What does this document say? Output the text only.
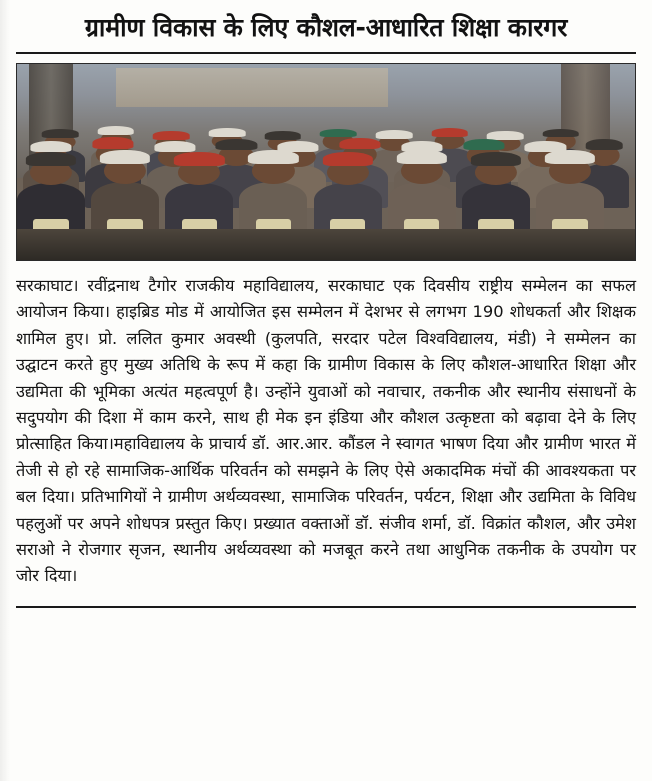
ग्रामीण विकास के लिए कौशल-आधारित शिक्षा कारगर

सरकाघाट। रवींद्रनाथ टैगोर राजकीय महाविद्यालय, सरकाघाट एक दिवसीय राष्ट्रीय सम्मेलन का सफल आयोजन किया। हाइब्रिड मोड में आयोजित इस सम्मेलन में देशभर से लगभग 190 शोधकर्ता और शिक्षक शामिल हुए। प्रो. ललित कुमार अवस्थी (कुलपति, सरदार पटेल विश्वविद्यालय, मंडी) ने सम्मेलन का उद्घाटन करते हुए मुख्य अतिथि के रूप में कहा कि ग्रामीण विकास के लिए कौशल-आधारित शिक्षा और उद्यमिता की भूमिका अत्यंत महत्वपूर्ण है। उन्होंने युवाओं को नवाचार, तकनीक और स्थानीय संसाधनों के सदुपयोग की दिशा में काम करने, साथ ही मेक इन इंडिया और कौशल उत्कृष्टता को बढ़ावा देने के लिए प्रोत्साहित किया।महाविद्यालय के प्राचार्य डॉ. आर.आर. कौंडल ने स्वागत भाषण दिया और ग्रामीण भारत में तेजी से हो रहे सामाजिक-आर्थिक परिवर्तन को समझने के लिए ऐसे अकादमिक मंचों की आवश्यकता पर बल दिया। प्रतिभागियों ने ग्रामीण अर्थव्यवस्था, सामाजिक परिवर्तन, पर्यटन, शिक्षा और उद्यमिता के विविध पहलुओं पर अपने शोधपत्र प्रस्तुत किए। प्रख्यात वक्ताओं डॉ. संजीव शर्मा, डॉ. विक्रांत कौशल, और उमेश सराओ ने रोजगार सृजन, स्थानीय अर्थव्यवस्था को मजबूत करने तथा आधुनिक तकनीक के उपयोग पर जोर दिया।
